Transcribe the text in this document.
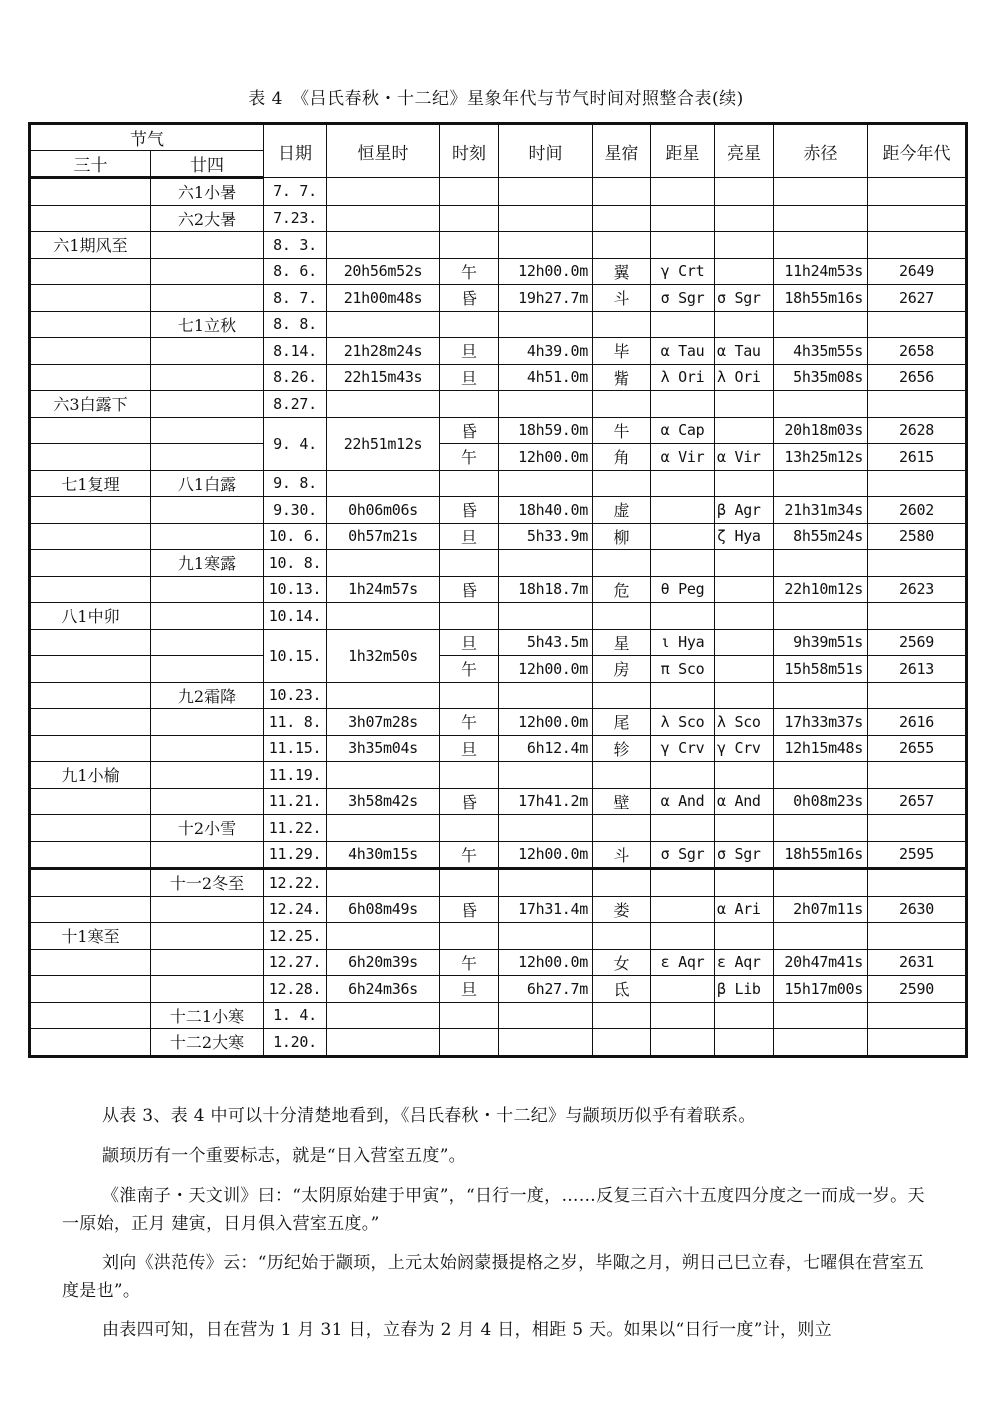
表 4　《吕氏春秋・十二纪》星象年代与节气时间对照整合表(续)
节气		日期	恒星时	时刻	时间	星宿	距星	亮星	赤径	距今年代
三十	廿四									
	六1小暑	7. 7.								
	六2大暑	7.23.								
六1期风至		8. 3.								
		8. 6.	20h56m52s	午	12h00.0m	翼	γ Crt		11h24m53s	2649
		8. 7.	21h00m48s	昏	19h27.7m	斗	σ Sgr	σ Sgr	18h55m16s	2627
	七1立秋	8. 8.								
		8.14.	21h28m24s	旦	4h39.0m	毕	α Tau	α Tau	4h35m55s	2658
		8.26.	22h15m43s	旦	4h51.0m	觜	λ Ori	λ Ori	5h35m08s	2656
六3白露下		8.27.								
		9. 4.	22h51m12s	昏	18h59.0m	牛	α Cap		20h18m03s	2628
				午	12h00.0m	角	α Vir	α Vir	13h25m12s	2615
七1复理	八1白露	9. 8.								
		9.30.	0h06m06s	昏	18h40.0m	虚		β Agr	21h31m34s	2602
		10. 6.	0h57m21s	旦	5h33.9m	柳		ζ Hya	8h55m24s	2580
	九1寒露	10. 8.								
		10.13.	1h24m57s	昏	18h18.7m	危	θ Peg		22h10m12s	2623
八1中卯		10.14.								
		10.15.	1h32m50s	旦	5h43.5m	星	ι Hya		9h39m51s	2569
				午	12h00.0m	房	π Sco		15h58m51s	2613
	九2霜降	10.23.								
		11. 8.	3h07m28s	午	12h00.0m	尾	λ Sco	λ Sco	17h33m37s	2616
		11.15.	3h35m04s	旦	6h12.4m	轸	γ Crv	γ Crv	12h15m48s	2655
九1小榆		11.19.								
		11.21.	3h58m42s	昏	17h41.2m	壁	α And	α And	0h08m23s	2657
	十2小雪	11.22.								
		11.29.	4h30m15s	午	12h00.0m	斗	σ Sgr	σ Sgr	18h55m16s	2595
	十一2冬至	12.22.								
		12.24.	6h08m49s	昏	17h31.4m	娄		α Ari	2h07m11s	2630
十1寒至		12.25.								
		12.27.	6h20m39s	午	12h00.0m	女	ε Aqr	ε Aqr	20h47m41s	2631
		12.28.	6h24m36s	旦	6h27.7m	氐		β Lib	15h17m00s	2590
	十二1小寒	1. 4.								
	十二2大寒	1.20.								
从表 3、表 4 中可以十分清楚地看到，《吕氏春秋・十二纪》与颛顼历似乎有着联系。
颛顼历有一个重要标志，就是“日入营室五度”。
《淮南子・天文训》曰：“太阴原始建于甲寅”，“日行一度，……反复三百六十五度四分度之一而成一岁。天一原始，正月 建寅，日月俱入营室五度。”
刘向《洪范传》云：“历纪始于颛顼，上元太始阏蒙摄提格之岁，毕陬之月，朔日己巳立春，七曜俱在营室五度是也”。
由表四可知，日在营为 1 月 31 日，立春为 2 月 4 日，相距 5 天。如果以“日行一度”计，则立
